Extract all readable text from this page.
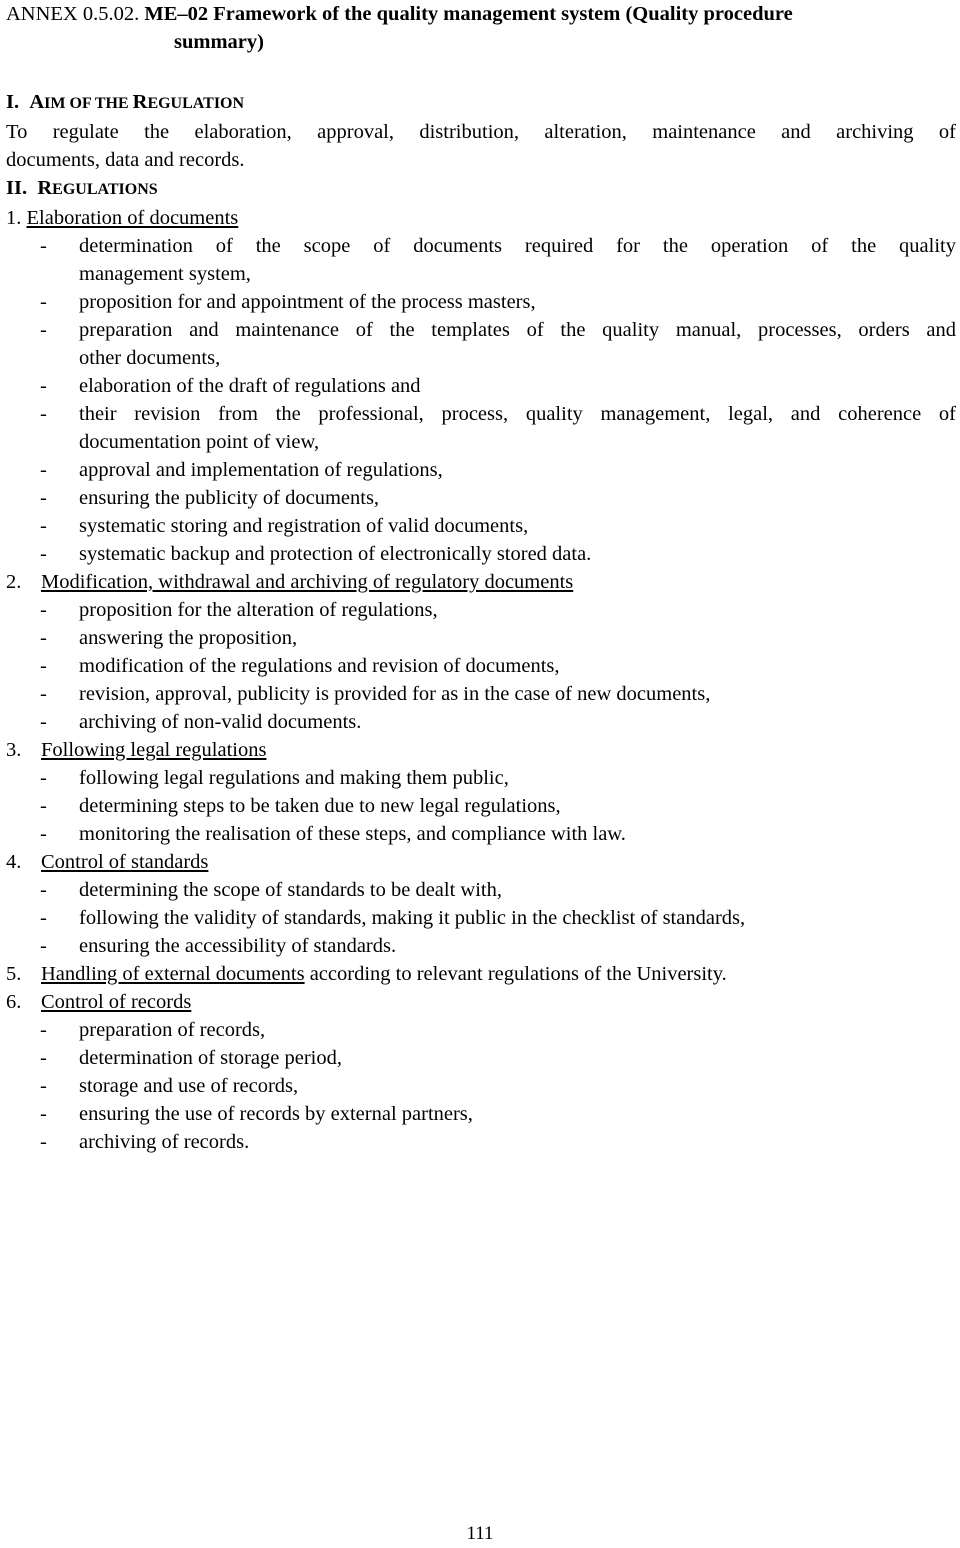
ANNEX 0.5.02. ME–02 Framework of the quality management system (Quality procedure
summary)
I. AIM OF THE REGULATION
To regulate the elaboration, approval, distribution, alteration, maintenance and archiving of
documents, data and records.
II. REGULATIONS
1. Elaboration of documents
- determination of the scope of documents required for the operation of the quality
management system,
- proposition for and appointment of the process masters,
- preparation and maintenance of the templates of the quality manual, processes, orders and
other documents,
- elaboration of the draft of regulations and
- their revision from the professional, process, quality management, legal, and coherence of
documentation point of view,
- approval and implementation of regulations,
- ensuring the publicity of documents,
- systematic storing and registration of valid documents,
- systematic backup and protection of electronically stored data.
2. Modification, withdrawal and archiving of regulatory documents
- proposition for the alteration of regulations,
- answering the proposition,
- modification of the regulations and revision of documents,
- revision, approval, publicity is provided for as in the case of new documents,
- archiving of non-valid documents.
3. Following legal regulations
- following legal regulations and making them public,
- determining steps to be taken due to new legal regulations,
- monitoring the realisation of these steps, and compliance with law.
4. Control of standards
- determining the scope of standards to be dealt with,
- following the validity of standards, making it public in the checklist of standards,
- ensuring the accessibility of standards.
5. Handling of external documents according to relevant regulations of the University.
6. Control of records
- preparation of records,
- determination of storage period,
- storage and use of records,
- ensuring the use of records by external partners,
- archiving of records.
111
